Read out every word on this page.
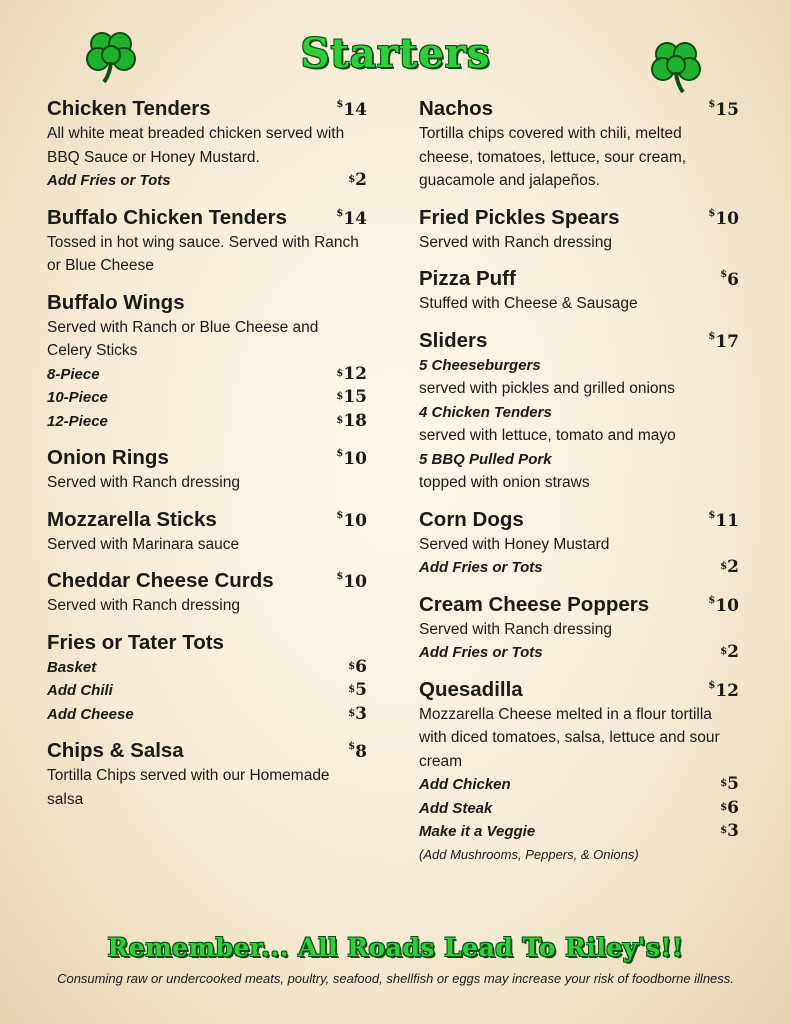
Starters
Chicken Tenders	$14
All white meat breaded chicken served with BBQ Sauce or Honey Mustard.
Add Fries or Tots	$2
Buffalo Chicken Tenders	$14
Tossed in hot wing sauce. Served with Ranch or Blue Cheese
Buffalo Wings
Served with Ranch or Blue Cheese and Celery Sticks
8-Piece	$12
10-Piece	$15
12-Piece	$18
Onion Rings	$10
Served with Ranch dressing
Mozzarella Sticks	$10
Served with Marinara sauce
Cheddar Cheese Curds	$10
Served with Ranch dressing
Fries or Tater Tots
Basket	$6
Add Chili	$5
Add Cheese	$3
Chips & Salsa	$8
Tortilla Chips served with our Homemade salsa
Nachos	$15
Tortilla chips covered with chili, melted cheese, tomatoes, lettuce, sour cream, guacamole and jalapeños.
Fried Pickles Spears	$10
Served with Ranch dressing
Pizza Puff	$6
Stuffed with Cheese & Sausage
Sliders	$17
5 Cheeseburgers
served with pickles and grilled onions
4 Chicken Tenders
served with lettuce, tomato and mayo
5 BBQ Pulled Pork
topped with onion straws
Corn Dogs	$11
Served with Honey Mustard
Add Fries or Tots	$2
Cream Cheese Poppers	$10
Served with Ranch dressing
Add Fries or Tots	$2
Quesadilla	$12
Mozzarella Cheese melted in a flour tortilla with diced tomatoes, salsa, lettuce and sour cream
Add Chicken	$5
Add Steak	$6
Make it a Veggie	$3
(Add Mushrooms, Peppers, & Onions)
Remember... All Roads Lead To Riley's!!
Consuming raw or undercooked meats, poultry, seafood, shellfish or eggs may increase your risk of foodborne illness.
